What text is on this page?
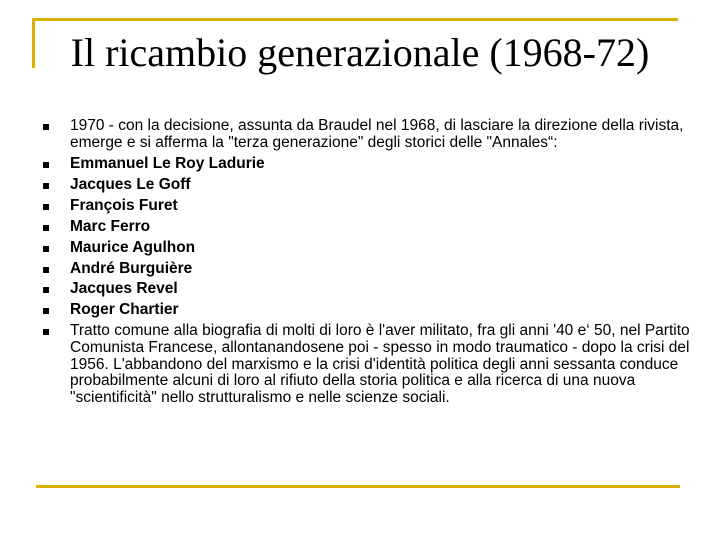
Il ricambio generazionale (1968-72)
1970 - con la decisione, assunta da Braudel nel 1968, di lasciare la direzione della rivista, emerge e si afferma la "terza generazione" degli storici delle "Annales“:
Emmanuel Le Roy Ladurie
Jacques Le Goff
François Furet
Marc Ferro
Maurice Agulhon
André Burguière
Jacques Revel
Roger Chartier
Tratto comune alla biografia di molti di loro è l'aver militato, fra gli anni '40 e‘ 50, nel Partito Comunista Francese, allontanandosene poi - spesso in modo traumatico - dopo la crisi del 1956. L'abbandono del marxismo e la crisi d'identità politica degli anni sessanta conduce probabilmente alcuni di loro al rifiuto della storia politica e alla ricerca di una nuova "scientificità" nello strutturalismo e nelle scienze sociali.
